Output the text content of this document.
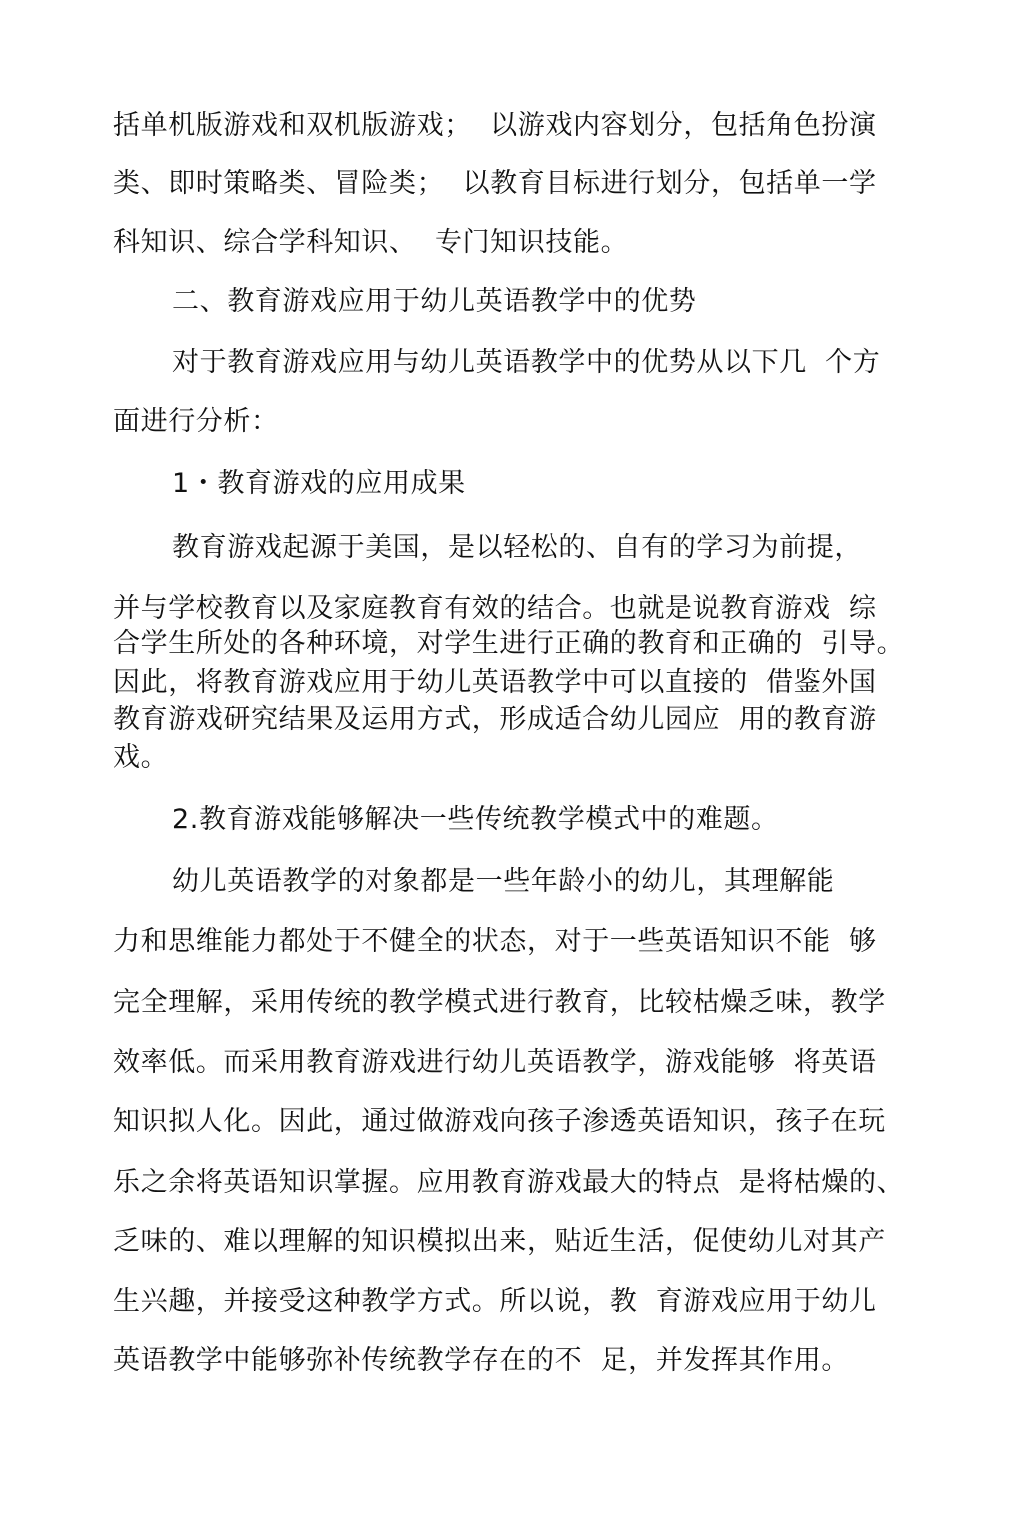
括单机版游戏和双机版游戏；  以游戏内容划分，包括角色扮演

类、即时策略类、冒险类；  以教育目标进行划分，包括单一学

科知识、综合学科知识、  专门知识技能。

二、教育游戏应用于幼儿英语教学中的优势

对于教育游戏应用与幼儿英语教学中的优势从以下几  个方

面进行分析：

1・教育游戏的应用成果

教育游戏起源于美国，是以轻松的、自有的学习为前提，

并与学校教育以及家庭教育有效的结合。也就是说教育游戏  综

合学生所处的各种环境，对学生进行正确的教育和正确的  引导。

因此，将教育游戏应用于幼儿英语教学中可以直接的  借鉴外国

教育游戏研究结果及运用方式，形成适合幼儿园应  用的教育游

戏。

2.教育游戏能够解决一些传统教学模式中的难题。

幼儿英语教学的对象都是一些年龄小的幼儿，其理解能

力和思维能力都处于不健全的状态，对于一些英语知识不能  够

完全理解，采用传统的教学模式进行教育，比较枯燥乏味，教学

效率低。而采用教育游戏进行幼儿英语教学，游戏能够  将英语

知识拟人化。因此，通过做游戏向孩子渗透英语知识，孩子在玩

乐之余将英语知识掌握。应用教育游戏最大的特点  是将枯燥的、

乏味的、难以理解的知识模拟出来，贴近生活，促使幼儿对其产

生兴趣，并接受这种教学方式。所以说，教  育游戏应用于幼儿

英语教学中能够弥补传统教学存在的不  足，并发挥其作用。
